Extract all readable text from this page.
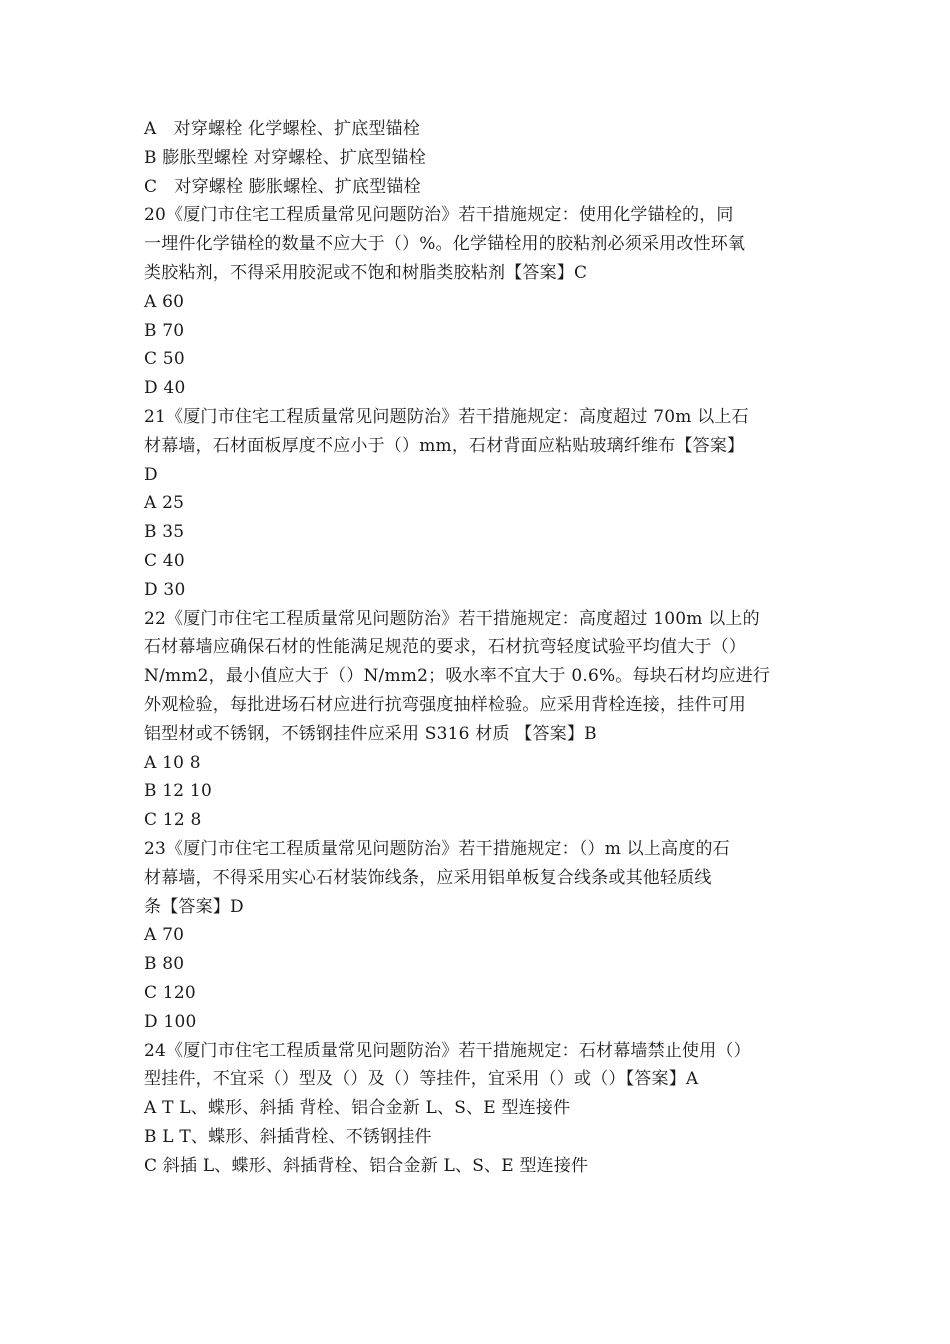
A　对穿螺栓 化学螺栓、扩底型锚栓
B 膨胀型螺栓 对穿螺栓、扩底型锚栓
C　对穿螺栓 膨胀螺栓、扩底型锚栓
20《厦门市住宅工程质量常见问题防治》若干措施规定：使用化学锚栓的，同
一埋件化学锚栓的数量不应大于（）%。化学锚栓用的胶粘剂必须采用改性环氧
类胶粘剂，不得采用胶泥或不饱和树脂类胶粘剂【答案】C
A 60
B 70
C 50
D 40
21《厦门市住宅工程质量常见问题防治》若干措施规定：高度超过 70m 以上石
材幕墙，石材面板厚度不应小于（）mm，石材背面应粘贴玻璃纤维布【答案】
D
A 25
B 35
C 40
D 30
22《厦门市住宅工程质量常见问题防治》若干措施规定：高度超过 100m 以上的
石材幕墙应确保石材的性能满足规范的要求，石材抗弯轻度试验平均值大于（）
N/mm2，最小值应大于（）N/mm2；吸水率不宜大于 0.6%。每块石材均应进行
外观检验，每批进场石材应进行抗弯强度抽样检验。应采用背栓连接，挂件可用
铝型材或不锈钢，不锈钢挂件应采用 S316 材质 【答案】B
A 10 8
B 12 10
C 12 8
23《厦门市住宅工程质量常见问题防治》若干措施规定：（）m 以上高度的石
材幕墙，不得采用实心石材装饰线条，应采用铝单板复合线条或其他轻质线
条【答案】D
A 70
B 80
C 120
D 100
24《厦门市住宅工程质量常见问题防治》若干措施规定：石材幕墙禁止使用（）
型挂件，不宜采（）型及（）及（）等挂件，宜采用（）或（）【答案】A
A T L、蝶形、斜插 背栓、铝合金新 L、S、E 型连接件
B L T、蝶形、斜插背栓、不锈钢挂件
C 斜插 L、蝶形、斜插背栓、铝合金新 L、S、E 型连接件
